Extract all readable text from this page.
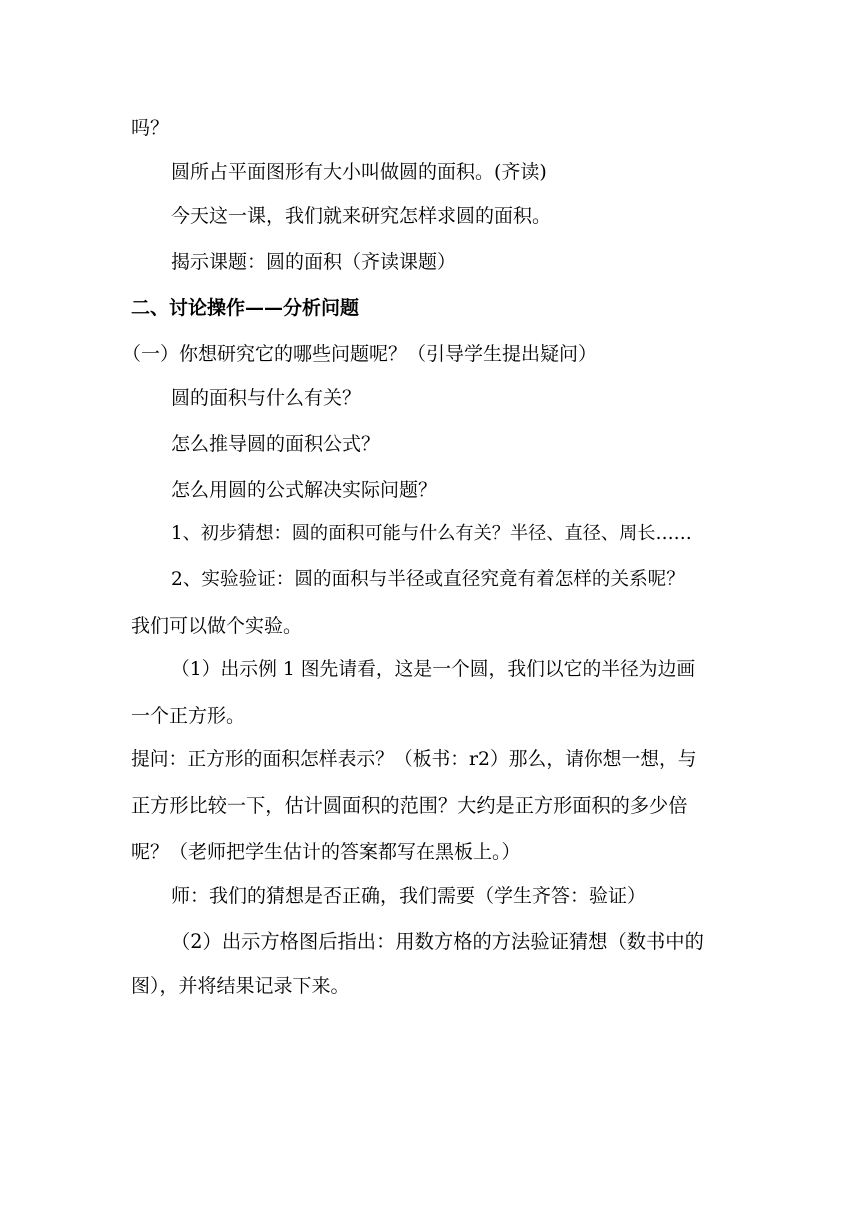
吗？
圆所占平面图形有大小叫做圆的面积。(齐读)
今天这一课，我们就来研究怎样求圆的面积。
揭示课题：圆的面积（齐读课题）
二、讨论操作——分析问题
（一）你想研究它的哪些问题呢？（引导学生提出疑问）
圆的面积与什么有关？
怎么推导圆的面积公式？
怎么用圆的公式解决实际问题？
1、初步猜想：圆的面积可能与什么有关？半径、直径、周长……
2、实验验证：圆的面积与半径或直径究竟有着怎样的关系呢？
我们可以做个实验。
（1）出示例 1 图先请看，这是一个圆，我们以它的半径为边画
一个正方形。
提问：正方形的面积怎样表示？（板书：r2）那么，请你想一想，与
正方形比较一下，估计圆面积的范围？大约是正方形面积的多少倍
呢？（老师把学生估计的答案都写在黑板上。）
师：我们的猜想是否正确，我们需要（学生齐答：验证）
（2）出示方格图后指出：用数方格的方法验证猜想（数书中的
图），并将结果记录下来。
